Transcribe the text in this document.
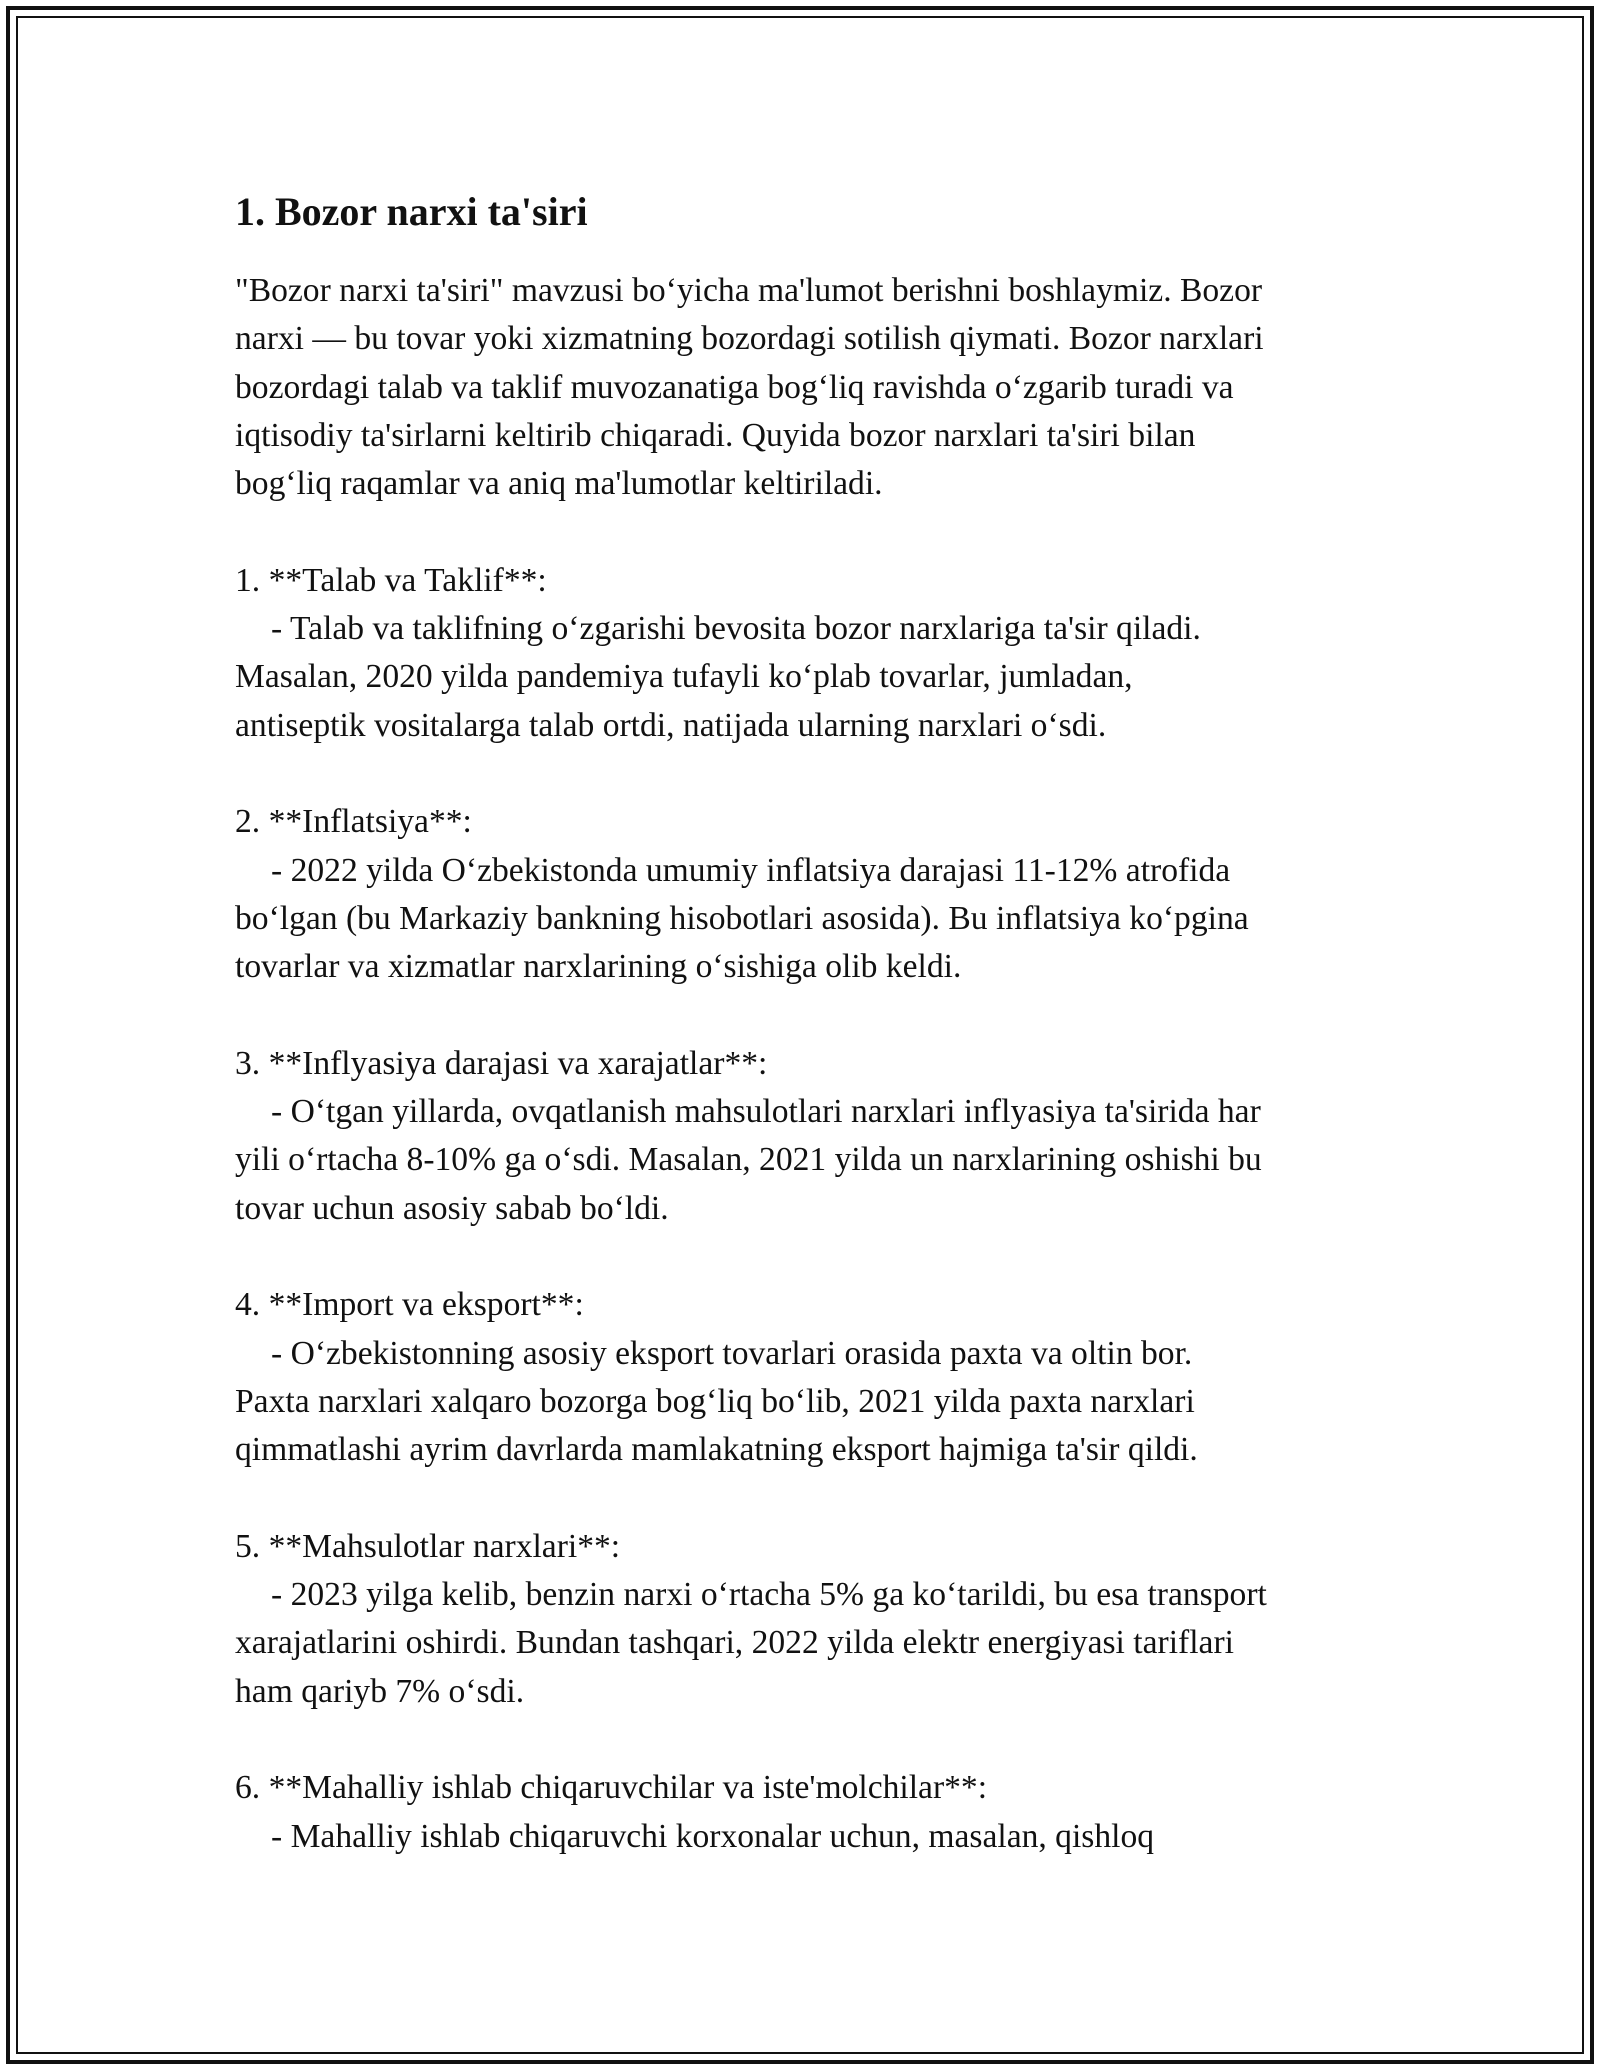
1. Bozor narxi ta'siri

"Bozor narxi ta'siri" mavzusi bo‘yicha ma'lumot berishni boshlaymiz. Bozor
narxi — bu tovar yoki xizmatning bozordagi sotilish qiymati. Bozor narxlari
bozordagi talab va taklif muvozanatiga bog‘liq ravishda o‘zgarib turadi va
iqtisodiy ta'sirlarni keltirib chiqaradi. Quyida bozor narxlari ta'siri bilan
bog‘liq raqamlar va aniq ma'lumotlar keltiriladi.

1. **Talab va Taklif**:
- Talab va taklifning o‘zgarishi bevosita bozor narxlariga ta'sir qiladi.
Masalan, 2020 yilda pandemiya tufayli ko‘plab tovarlar, jumladan,
antiseptik vositalarga talab ortdi, natijada ularning narxlari o‘sdi.

2. **Inflatsiya**:
- 2022 yilda O‘zbekistonda umumiy inflatsiya darajasi 11-12% atrofida
bo‘lgan (bu Markaziy bankning hisobotlari asosida). Bu inflatsiya ko‘pgina
tovarlar va xizmatlar narxlarining o‘sishiga olib keldi.

3. **Inflyasiya darajasi va xarajatlar**:
- O‘tgan yillarda, ovqatlanish mahsulotlari narxlari inflyasiya ta'sirida har
yili o‘rtacha 8-10% ga o‘sdi. Masalan, 2021 yilda un narxlarining oshishi bu
tovar uchun asosiy sabab bo‘ldi.

4. **Import va eksport**:
- O‘zbekistonning asosiy eksport tovarlari orasida paxta va oltin bor.
Paxta narxlari xalqaro bozorga bog‘liq bo‘lib, 2021 yilda paxta narxlari
qimmatlashi ayrim davrlarda mamlakatning eksport hajmiga ta'sir qildi.

5. **Mahsulotlar narxlari**:
- 2023 yilga kelib, benzin narxi o‘rtacha 5% ga ko‘tarildi, bu esa transport
xarajatlarini oshirdi. Bundan tashqari, 2022 yilda elektr energiyasi tariflari
ham qariyb 7% o‘sdi.

6. **Mahalliy ishlab chiqaruvchilar va iste'molchilar**:
- Mahalliy ishlab chiqaruvchi korxonalar uchun, masalan, qishloq
